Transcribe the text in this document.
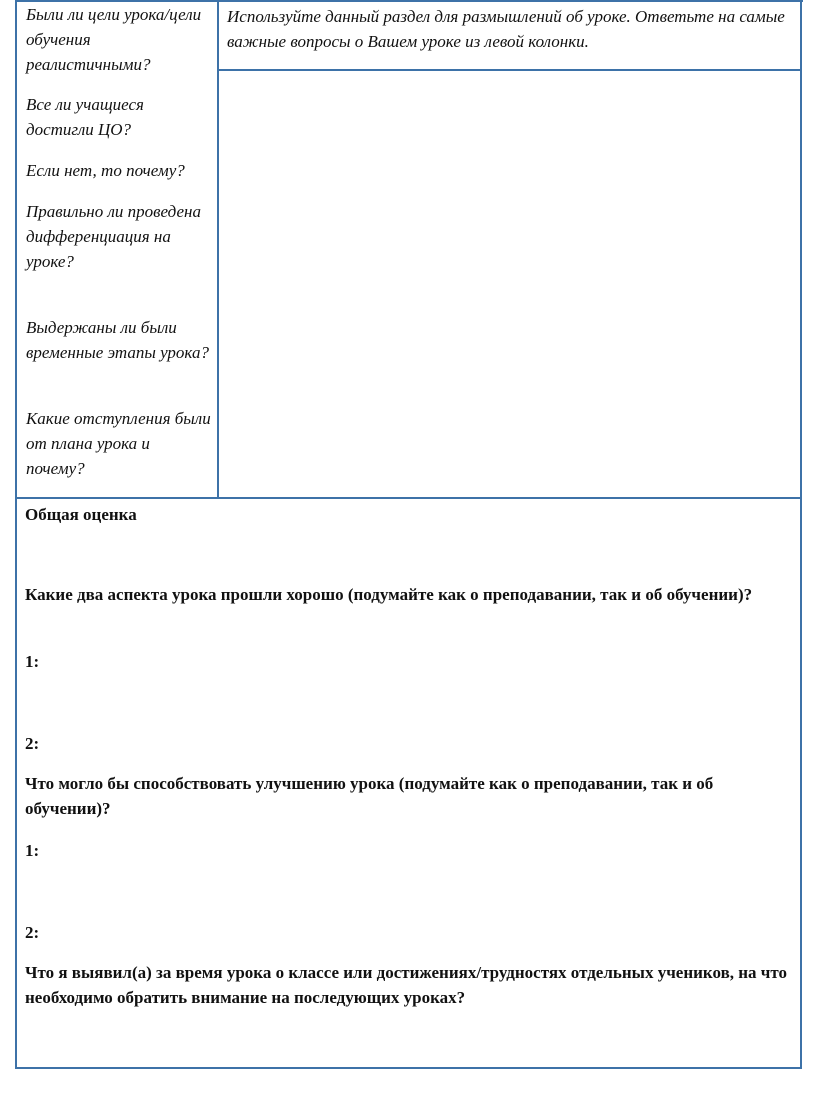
Были ли цели урока/цели обучения реалистичными?
Все ли учащиеся достигли ЦО?
Если нет, то почему?
Правильно ли проведена дифференциация на уроке?
Выдержаны ли были временные этапы урока?
Какие отступления были от плана урока и почему?
Используйте данный раздел для размышлений об уроке. Ответьте на самые важные вопросы о Вашем уроке из левой колонки.
Общая оценка
Какие два аспекта урока прошли хорошо (подумайте как о преподавании, так и об обучении)?
1:
2:
Что могло бы способствовать улучшению урока (подумайте как о преподавании, так и об обучении)?
1:
2:
Что я выявил(а) за время урока о классе или достижениях/трудностях отдельных учеников, на что необходимо обратить внимание на последующих уроках?
